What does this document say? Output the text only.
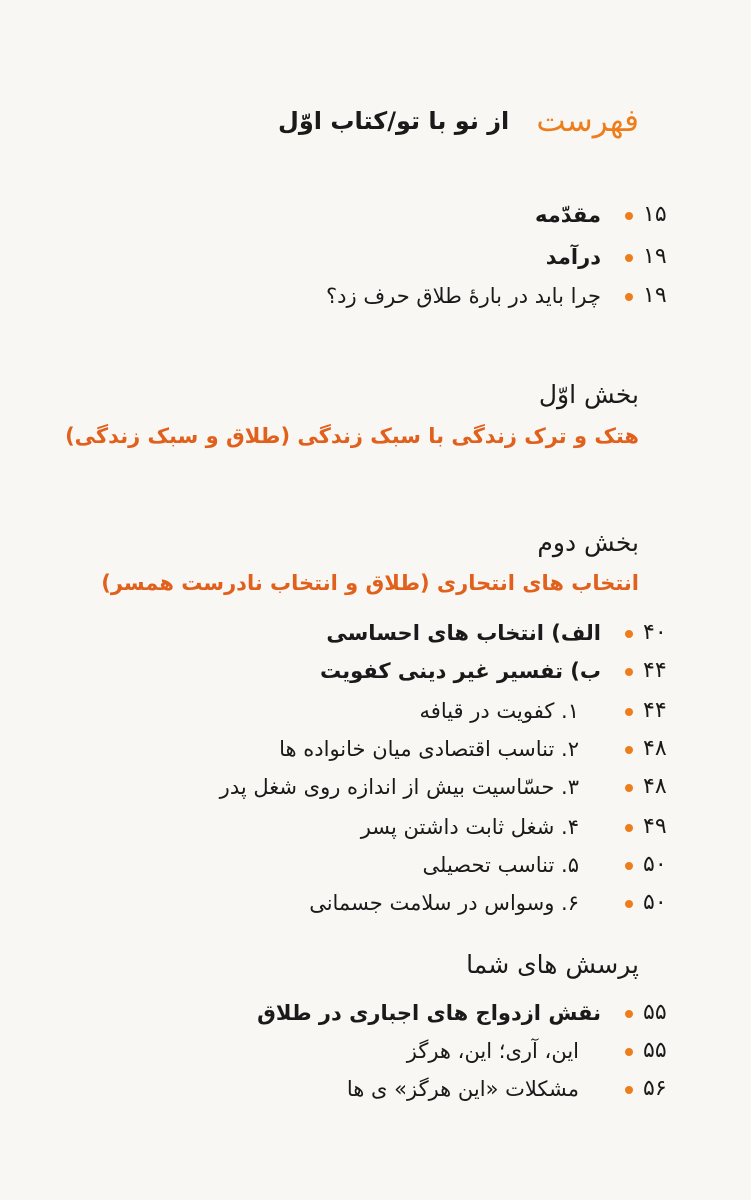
فهرست از نو با تو/کتاب اوّل
۱۵
مقدّمه
۱۹
درآمد
۱۹
چرا باید در بارهٔ طلاق حرف زد؟
بخش اوّل
هتک و ترک زندگی با سبک زندگی (طلاق و سبک زندگی)
بخش دوم
انتخاب های انتحاری (طلاق و انتخاب نادرست همسر)
۴۰
الف) انتخاب های احساسی
۴۴
ب) تفسیر غیر دینی کفویت
۴۴
۱. کفویت در قیافه
۴۸
۲. تناسب اقتصادی میان خانواده ها
۴۸
۳. حسّاسیت بیش از اندازه روی شغل پدر
۴۹
۴. شغل ثابت داشتن پسر
۵۰
۵. تناسب تحصیلی
۵۰
۶. وسواس در سلامت جسمانی
پرسش های شما
۵۵
نقش ازدواج های اجباری در طلاق
۵۵
این، آری؛ این، هرگز
۵۶
مشکلات «این هرگز» ی ها
